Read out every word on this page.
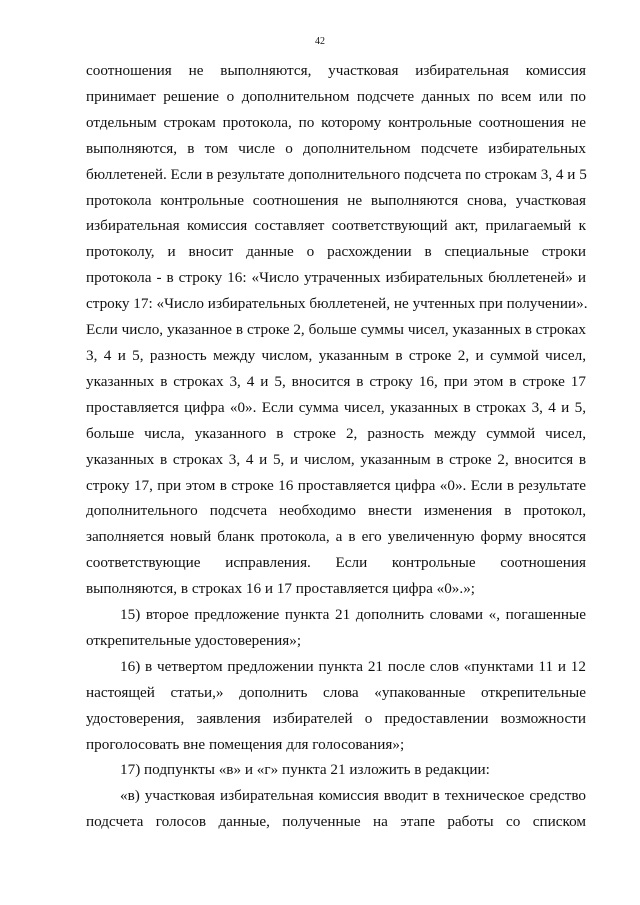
42
соотношения не выполняются, участковая избирательная комиссия
принимает решение о дополнительном подсчете данных по всем или по
отдельным строкам протокола, по которому контрольные соотношения не
выполняются, в том числе о дополнительном подсчете избирательных
бюллетеней. Если в результате дополнительного подсчета по строкам 3, 4 и 5
протокола контрольные соотношения не выполняются снова, участковая
избирательная комиссия составляет соответствующий акт, прилагаемый к
протоколу, и вносит данные о расхождении в специальные строки
протокола - в строку 16: «Число утраченных избирательных бюллетеней» и
строку 17: «Число избирательных бюллетеней, не учтенных при получении».
Если число, указанное в строке 2, больше суммы чисел, указанных в строках
3, 4 и 5, разность между числом, указанным в строке 2, и суммой чисел,
указанных в строках 3, 4 и 5, вносится в строку 16, при этом в строке 17
проставляется цифра «0». Если сумма чисел, указанных в строках 3, 4 и 5,
больше числа, указанного в строке 2, разность между суммой чисел,
указанных в строках 3, 4 и 5, и числом, указанным в строке 2, вносится в
строку 17, при этом в строке 16 проставляется цифра «0». Если в результате
дополнительного подсчета необходимо внести изменения в протокол,
заполняется новый бланк протокола, а в его увеличенную форму вносятся
соответствующие исправления. Если контрольные соотношения
выполняются, в строках 16 и 17 проставляется цифра «0».»;
15) второе предложение пункта 21 дополнить словами «, погашенные
открепительные удостоверения»;
16) в четвертом предложении пункта 21 после слов «пунктами 11 и 12
настоящей статьи,» дополнить слова «упакованные открепительные
удостоверения, заявления избирателей о предоставлении возможности
проголосовать вне помещения для голосования»;
17) подпункты «в» и «г» пункта 21 изложить в редакции:
«в) участковая избирательная комиссия вводит в техническое средство
подсчета голосов данные, полученные на этапе работы со списком
